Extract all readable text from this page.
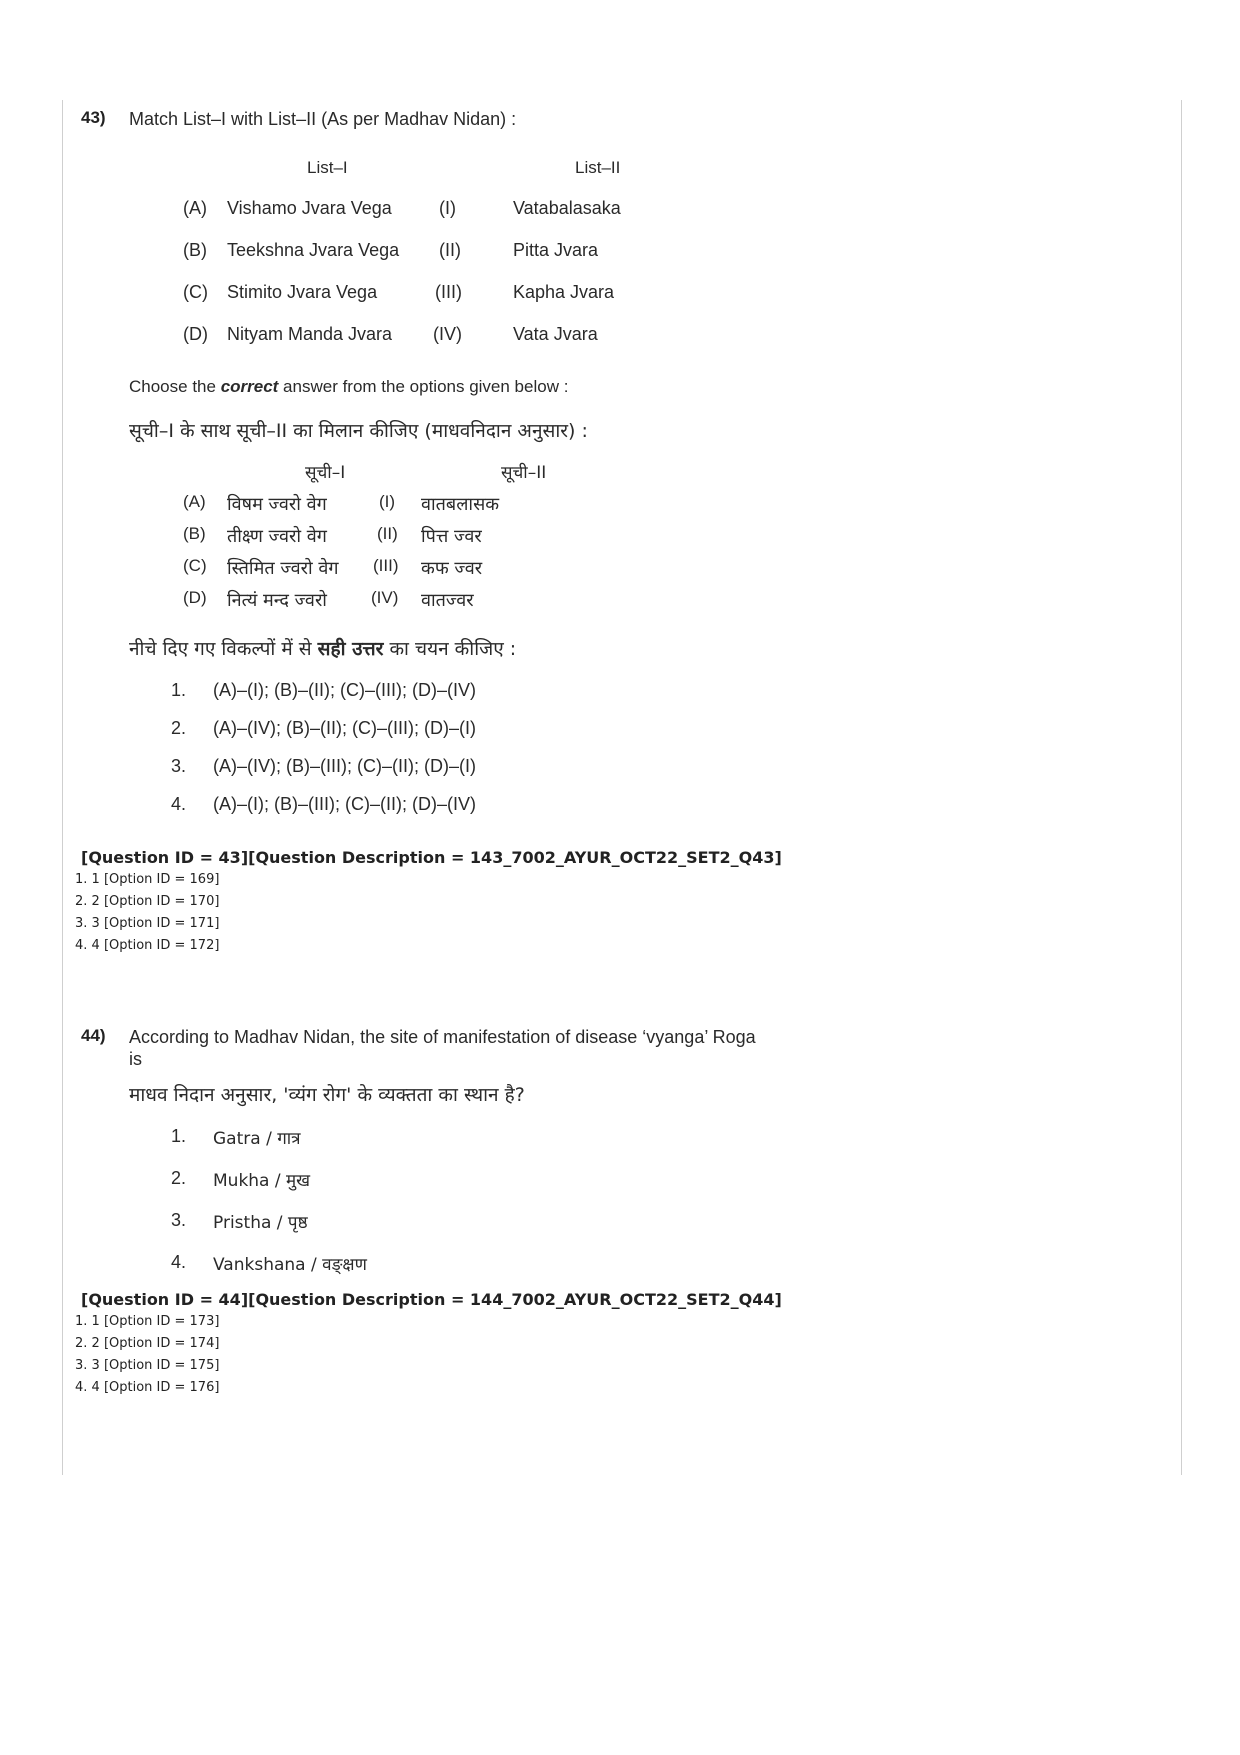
43) Match List–I with List–II (As per Madhav Nidan) :
List–I	List–II
(A) Vishamo Jvara Vega	(I)	Vatabalasaka
(B) Teekshna Jvara Vega (II)	Pitta Jvara
(C) Stimito Jvara Vega	(III)	Kapha Jvara
(D) Nityam Manda Jvara (IV)	Vata Jvara
Choose the correct answer from the options given below :
सूची–I के साथ सूची–II का मिलान कीजिए (माधवनिदान अनुसार) :
सूची–I	सूची–II
(A) विषम ज्वरो वेग	(I) वातबलासक
(B) तीक्ष्ण ज्वरो वेग	(II) पित्त ज्वर
(C) स्तिमित ज्वरो वेग (III) कफ ज्वर
(D) नित्यं मन्द ज्वरो	(IV) वातज्वर
नीचे दिए गए विकल्पों में से सही उत्तर का चयन कीजिए :
1. (A)–(I); (B)–(II); (C)–(III); (D)–(IV)
2. (A)–(IV); (B)–(II); (C)–(III); (D)–(I)
3. (A)–(IV); (B)–(III); (C)–(II); (D)–(I)
4. (A)–(I); (B)–(III); (C)–(II); (D)–(IV)
[Question ID = 43][Question Description = 143_7002_AYUR_OCT22_SET2_Q43]
1. 1 [Option ID = 169]
2. 2 [Option ID = 170]
3. 3 [Option ID = 171]
4. 4 [Option ID = 172]
44) According to Madhav Nidan, the site of manifestation of disease ‘vyanga’ Roga
is
माधव निदान अनुसार, 'व्यंग रोग' के व्यक्तता का स्थान है?
1. Gatra / गात्र
2. Mukha / मुख
3. Pristha / पृष्ठ
4. Vankshana / वङ्क्षण
[Question ID = 44][Question Description = 144_7002_AYUR_OCT22_SET2_Q44]
1. 1 [Option ID = 173]
2. 2 [Option ID = 174]
3. 3 [Option ID = 175]
4. 4 [Option ID = 176]
